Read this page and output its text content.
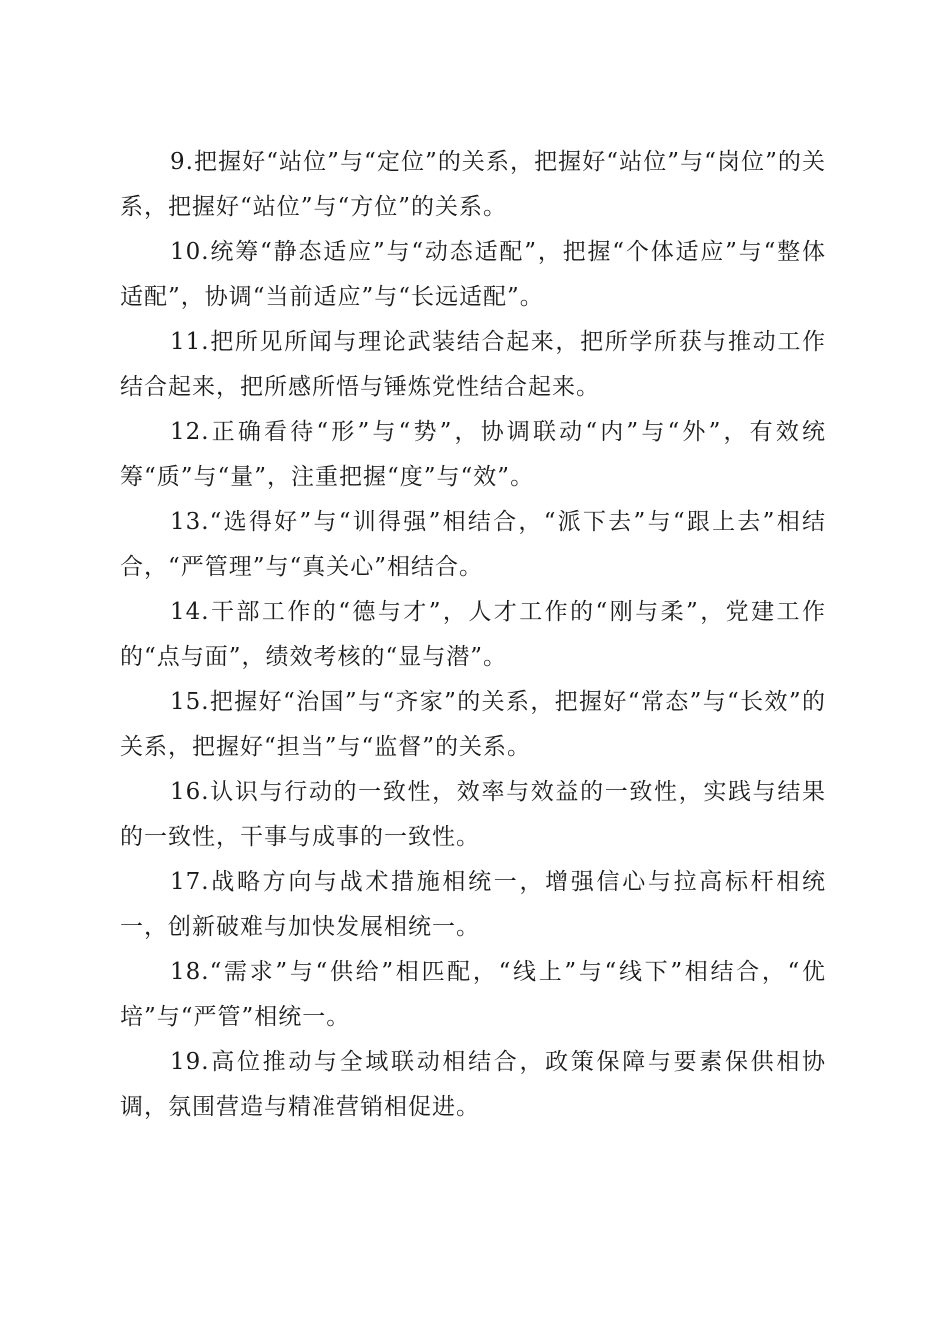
9.把握好“站位”与“定位”的关系，把握好“站位”与“岗位”的关系，把握好“站位”与“方位”的关系。

10.统筹“静态适应”与“动态适配”，把握“个体适应”与“整体适配”，协调“当前适应”与“长远适配”。

11.把所见所闻与理论武装结合起来，把所学所获与推动工作结合起来，把所感所悟与锤炼党性结合起来。

12.正确看待“形”与“势”，协调联动“内”与“外”，有效统筹“质”与“量”，注重把握“度”与“效”。

13.“选得好”与“训得强”相结合，“派下去”与“跟上去”相结合，“严管理”与“真关心”相结合。

14.干部工作的“德与才”，人才工作的“刚与柔”，党建工作的“点与面”，绩效考核的“显与潜”。

15.把握好“治国”与“齐家”的关系，把握好“常态”与“长效”的关系，把握好“担当”与“监督”的关系。

16.认识与行动的一致性，效率与效益的一致性，实践与结果的一致性，干事与成事的一致性。

17.战略方向与战术措施相统一，增强信心与拉高标杆相统一，创新破难与加快发展相统一。

18.“需求”与“供给”相匹配，“线上”与“线下”相结合，“优培”与“严管”相统一。

19.高位推动与全域联动相结合，政策保障与要素保供相协调，氛围营造与精准营销相促进。
